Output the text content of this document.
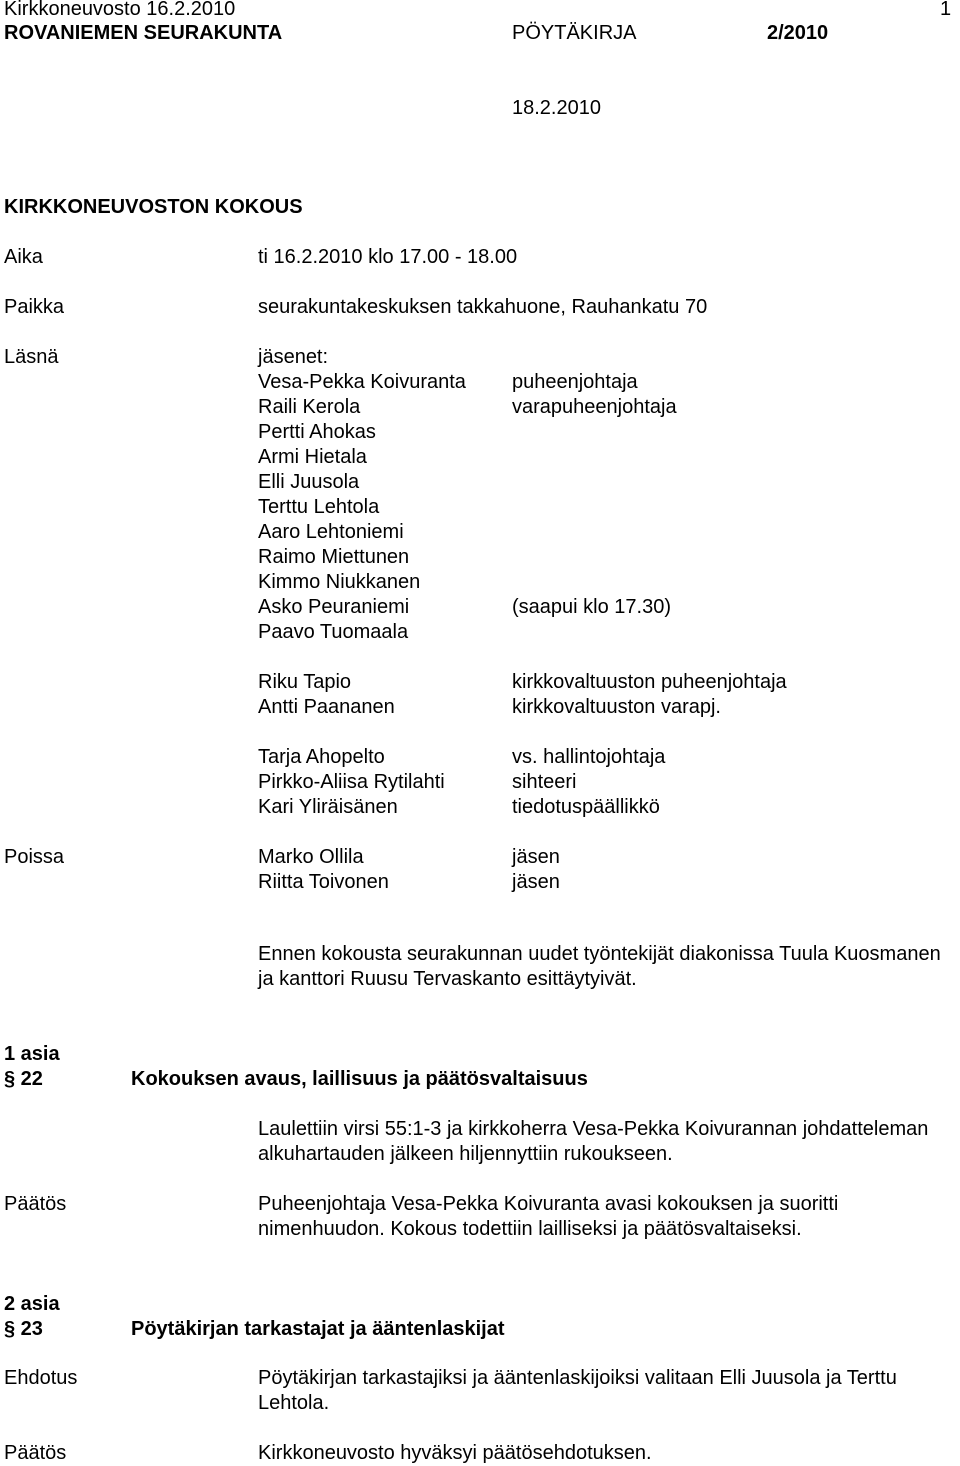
Kirkkoneuvosto 16.2.2010	1
ROVANIEMEN SEURAKUNTA	PÖYTÄKIRJA	2/2010
18.2.2010
KIRKKONEUVOSTON KOKOUS
Aika	ti 16.2.2010 klo 17.00 - 18.00
Paikka	seurakuntakeskuksen takkahuone, Rauhankatu 70
Läsnä	jäsenet:
Vesa-Pekka Koivuranta puheenjohtaja
Raili Kerola	varapuheenjohtaja
Pertti Ahokas
Armi Hietala
Elli Juusola
Terttu Lehtola
Aaro Lehtoniemi
Raimo Miettunen
Kimmo Niukkanen
Asko Peuraniemi	(saapui klo 17.30)
Paavo Tuomaala
Riku Tapio	kirkkovaltuuston puheenjohtaja
Antti Paananen	kirkkovaltuuston varapj.
Tarja Ahopelto	vs. hallintojohtaja
Pirkko-Aliisa Rytilahti	sihteeri
Kari Yliräisänen	tiedotuspäällikkö
Poissa	Marko Ollila	jäsen
Riitta Toivonen	jäsen
Ennen kokousta seurakunnan uudet työntekijät diakonissa Tuula Kuosmanen ja kanttori Ruusu Tervaskanto esittäytyivät.
1 asia
§ 22	Kokouksen avaus, laillisuus ja päätösvaltaisuus
Laulettiin virsi 55:1-3 ja kirkkoherra Vesa-Pekka Koivurannan johdatteleman alkuhartauden jälkeen hiljennyttiin rukoukseen.
Päätös	Puheenjohtaja Vesa-Pekka Koivuranta avasi kokouksen ja suoritti nimenhuudon. Kokous todettiin lailliseksi ja päätösvaltaiseksi.
2 asia
§ 23	Pöytäkirjan tarkastajat ja ääntenlaskijat
Ehdotus	Pöytäkirjan tarkastajiksi ja ääntenlaskijoiksi valitaan Elli Juusola ja Terttu Lehtola.
Päätös	Kirkkoneuvosto hyväksyi päätösehdotuksen.
